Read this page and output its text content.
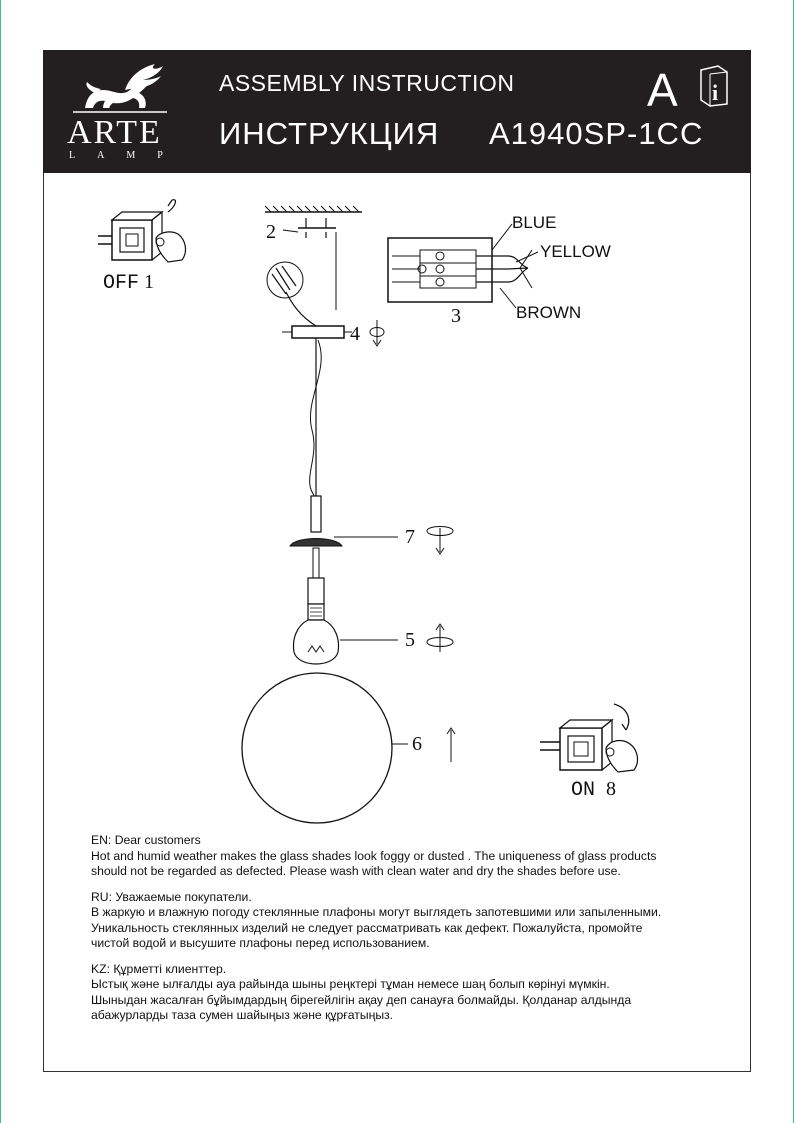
ARTE
LAMP
ASSEMBLY INSTRUCTION
ИНСТРУКЦИЯ A1940SP-1CC
A i
OFF 1
2	BLUE
YELLOW
BROWN
3
4
7
5
6
ON 8

EN: Dear customers

Hot and humid weather makes the glass shades look foggy or dusted . The uniqueness of glass products

should not be regarded as defected. Please wash with clean water and dry the shades before use.

RU: Уважаемые покупатели.

В жаркую и влажную погоду стеклянные плафоны могут выглядеть запотевшими или запыленными.

Уникальность стеклянных изделий не следует рассматривать как дефект. Пожалуйста, промойте

чистой водой и высушите плафоны перед использованием.

KZ: Құрметті клиенттер.

Ыстық және ылғалды ауа райында шыны реңктері тұман немесе шаң болып көрінуі мүмкін.

Шыныдан жасалған бұйымдардың бірегейлігін ақау деп санауға болмайды. Қолданар алдында

абажурларды таза сумен шайыңыз және құрғатыңыз.
